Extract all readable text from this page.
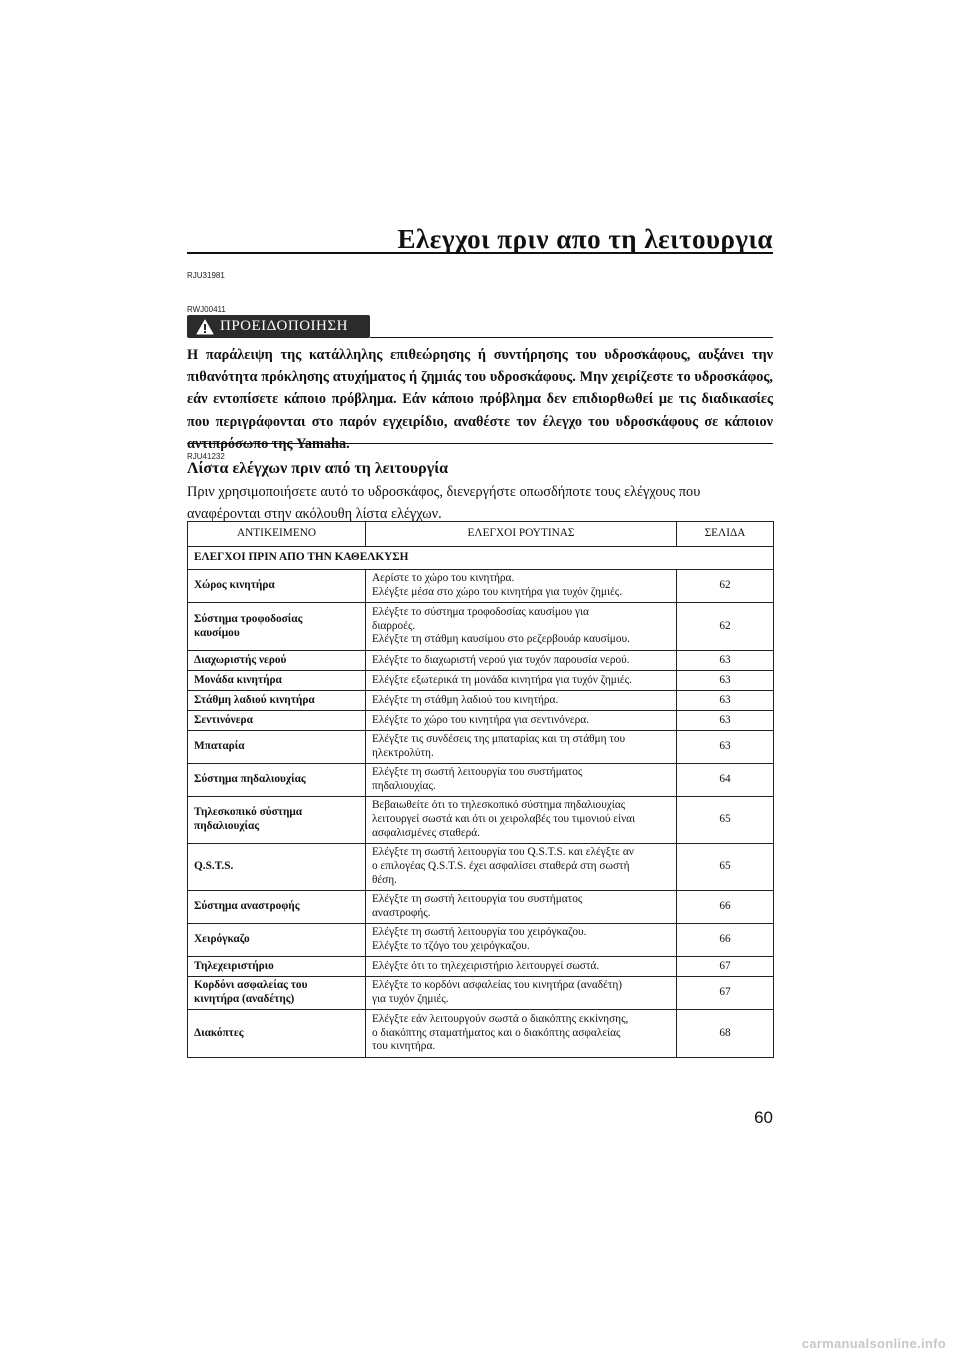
Ελεγχοι πριν απο τη λειτουργια
RJU31981
RWJ00411
ΠΡΟΕΙΔΟΠΟΙΗΣΗ
Η παράλειψη της κατάλληλης επιθεώρησης ή συντήρησης του υδροσκάφους, αυξάνει την πιθανότητα πρόκλησης ατυχήματος ή ζημιάς του υδροσκάφους. Μην χειρίζεστε το υδροσκάφος, εάν εντοπίσετε κάποιο πρόβλημα. Εάν κάποιο πρόβλημα δεν επιδιορθωθεί με τις διαδικασίες που περιγράφονται στο παρόν εγχειρίδιο, αναθέστε τον έλεγχο του υδροσκάφους σε κάποιον αντιπρόσωπο της Yamaha.
RJU41232
Λίστα ελέγχων πριν από τη λειτουργία
Πριν χρησιμοποιήσετε αυτό το υδροσκάφος, διενεργήστε οπωσδήποτε τους ελέγχους που αναφέρονται στην ακόλουθη λίστα ελέγχων.
ΑΝΤΙΚΕΙΜΕΝΟ	ΕΛΕΓΧΟΙ ΡΟΥΤΙΝΑΣ	ΣΕΛΙΔΑ
ΕΛΕΓΧΟΙ ΠΡΙΝ ΑΠΟ ΤΗΝ ΚΑΘΕΛΚΥΣΗ		
Χώρος κινητήρα	Αερίστε το χώρο του κινητήρα.
Ελέγξτε μέσα στο χώρο του κινητήρα για τυχόν ζημιές.	62
Σύστημα τροφοδοσίας
καυσίμου	Ελέγξτε το σύστημα τροφοδοσίας καυσίμου για
διαρροές.
Ελέγξτε τη στάθμη καυσίμου στο ρεζερβουάρ καυσίμου.	62
Διαχωριστής νερού	Ελέγξτε το διαχωριστή νερού για τυχόν παρουσία νερού.	63
Μονάδα κινητήρα	Ελέγξτε εξωτερικά τη μονάδα κινητήρα για τυχόν ζημιές.	63
Στάθμη λαδιού κινητήρα	Ελέγξτε τη στάθμη λαδιού του κινητήρα.	63
Σεντινόνερα	Ελέγξτε το χώρο του κινητήρα για σεντινόνερα.	63
Μπαταρία	Ελέγξτε τις συνδέσεις της μπαταρίας και τη στάθμη του
ηλεκτρολύτη.	63
Σύστημα πηδαλιουχίας	Ελέγξτε τη σωστή λειτουργία του συστήματος
πηδαλιουχίας.	64
Τηλεσκοπικό σύστημα
πηδαλιουχίας	Βεβαιωθείτε ότι το τηλεσκοπικό σύστημα πηδαλιουχίας
λειτουργεί σωστά και ότι οι χειρολαβές του τιμονιού είναι
ασφαλισμένες σταθερά.	65
Q.S.T.S.	Ελέγξτε τη σωστή λειτουργία του Q.S.T.S. και ελέγξτε αν
ο επιλογέας Q.S.T.S. έχει ασφαλίσει σταθερά στη σωστή
θέση.	65
Σύστημα αναστροφής	Ελέγξτε τη σωστή λειτουργία του συστήματος
αναστροφής.	66
Χειρόγκαζο	Ελέγξτε τη σωστή λειτουργία του χειρόγκαζου.
Ελέγξτε το τζόγο του χειρόγκαζου.	66
Τηλεχειριστήριο	Ελέγξτε ότι το τηλεχειριστήριο λειτουργεί σωστά.	67
Κορδόνι ασφαλείας του
κινητήρα (αναδέτης)	Ελέγξτε το κορδόνι ασφαλείας του κινητήρα (αναδέτη)
για τυχόν ζημιές.	67
Διακόπτες	Ελέγξτε εάν λειτουργούν σωστά ο διακόπτης εκκίνησης,
ο διακόπτης σταματήματος και ο διακόπτης ασφαλείας
του κινητήρα.	68
60
carmanualsonline.info
